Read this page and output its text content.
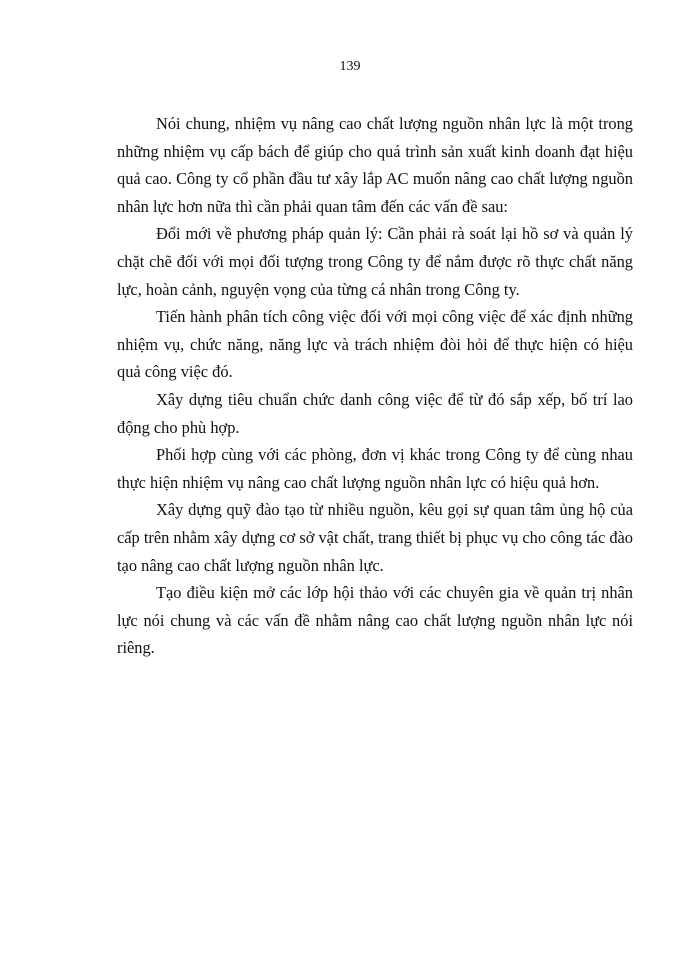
139

Nói chung, nhiệm vụ nâng cao chất lượng nguồn nhân lực là một trong những nhiệm vụ cấp bách để giúp cho quá trình sản xuất kinh doanh đạt hiệu quả cao. Công ty cổ phần đầu tư xây lắp AC muốn nâng cao chất lượng nguồn nhân lực hơn nữa thì cần phải quan tâm đến các vấn đề sau:

Đổi mới về phương pháp quản lý: Cần phải rà soát lại hồ sơ và quản lý chặt chẽ đối với mọi đối tượng trong Công ty để nắm được rõ thực chất năng lực, hoàn cảnh, nguyện vọng của từng cá nhân trong Công ty.

Tiến hành phân tích công việc đối với mọi công việc để xác định những nhiệm vụ, chức năng, năng lực và trách nhiệm đòi hỏi để thực hiện có hiệu quả công việc đó.

Xây dựng tiêu chuẩn chức danh công việc để từ đó sắp xếp, bố trí lao động cho phù hợp.

Phối hợp cùng với các phòng, đơn vị khác trong Công ty để cùng nhau thực hiện nhiệm vụ nâng cao chất lượng nguồn nhân lực có hiệu quả hơn.

Xây dựng quỹ đào tạo từ nhiều nguồn, kêu gọi sự quan tâm ủng hộ của cấp trên nhằm xây dựng cơ sở vật chất, trang thiết bị phục vụ cho công tác đào tạo nâng cao chất lượng nguồn nhân lực.

Tạo điều kiện mở các lớp hội thảo với các chuyên gia về quản trị nhân lực nói chung và các vấn đề nhằm nâng cao chất lượng nguồn nhân lực nói riêng.
